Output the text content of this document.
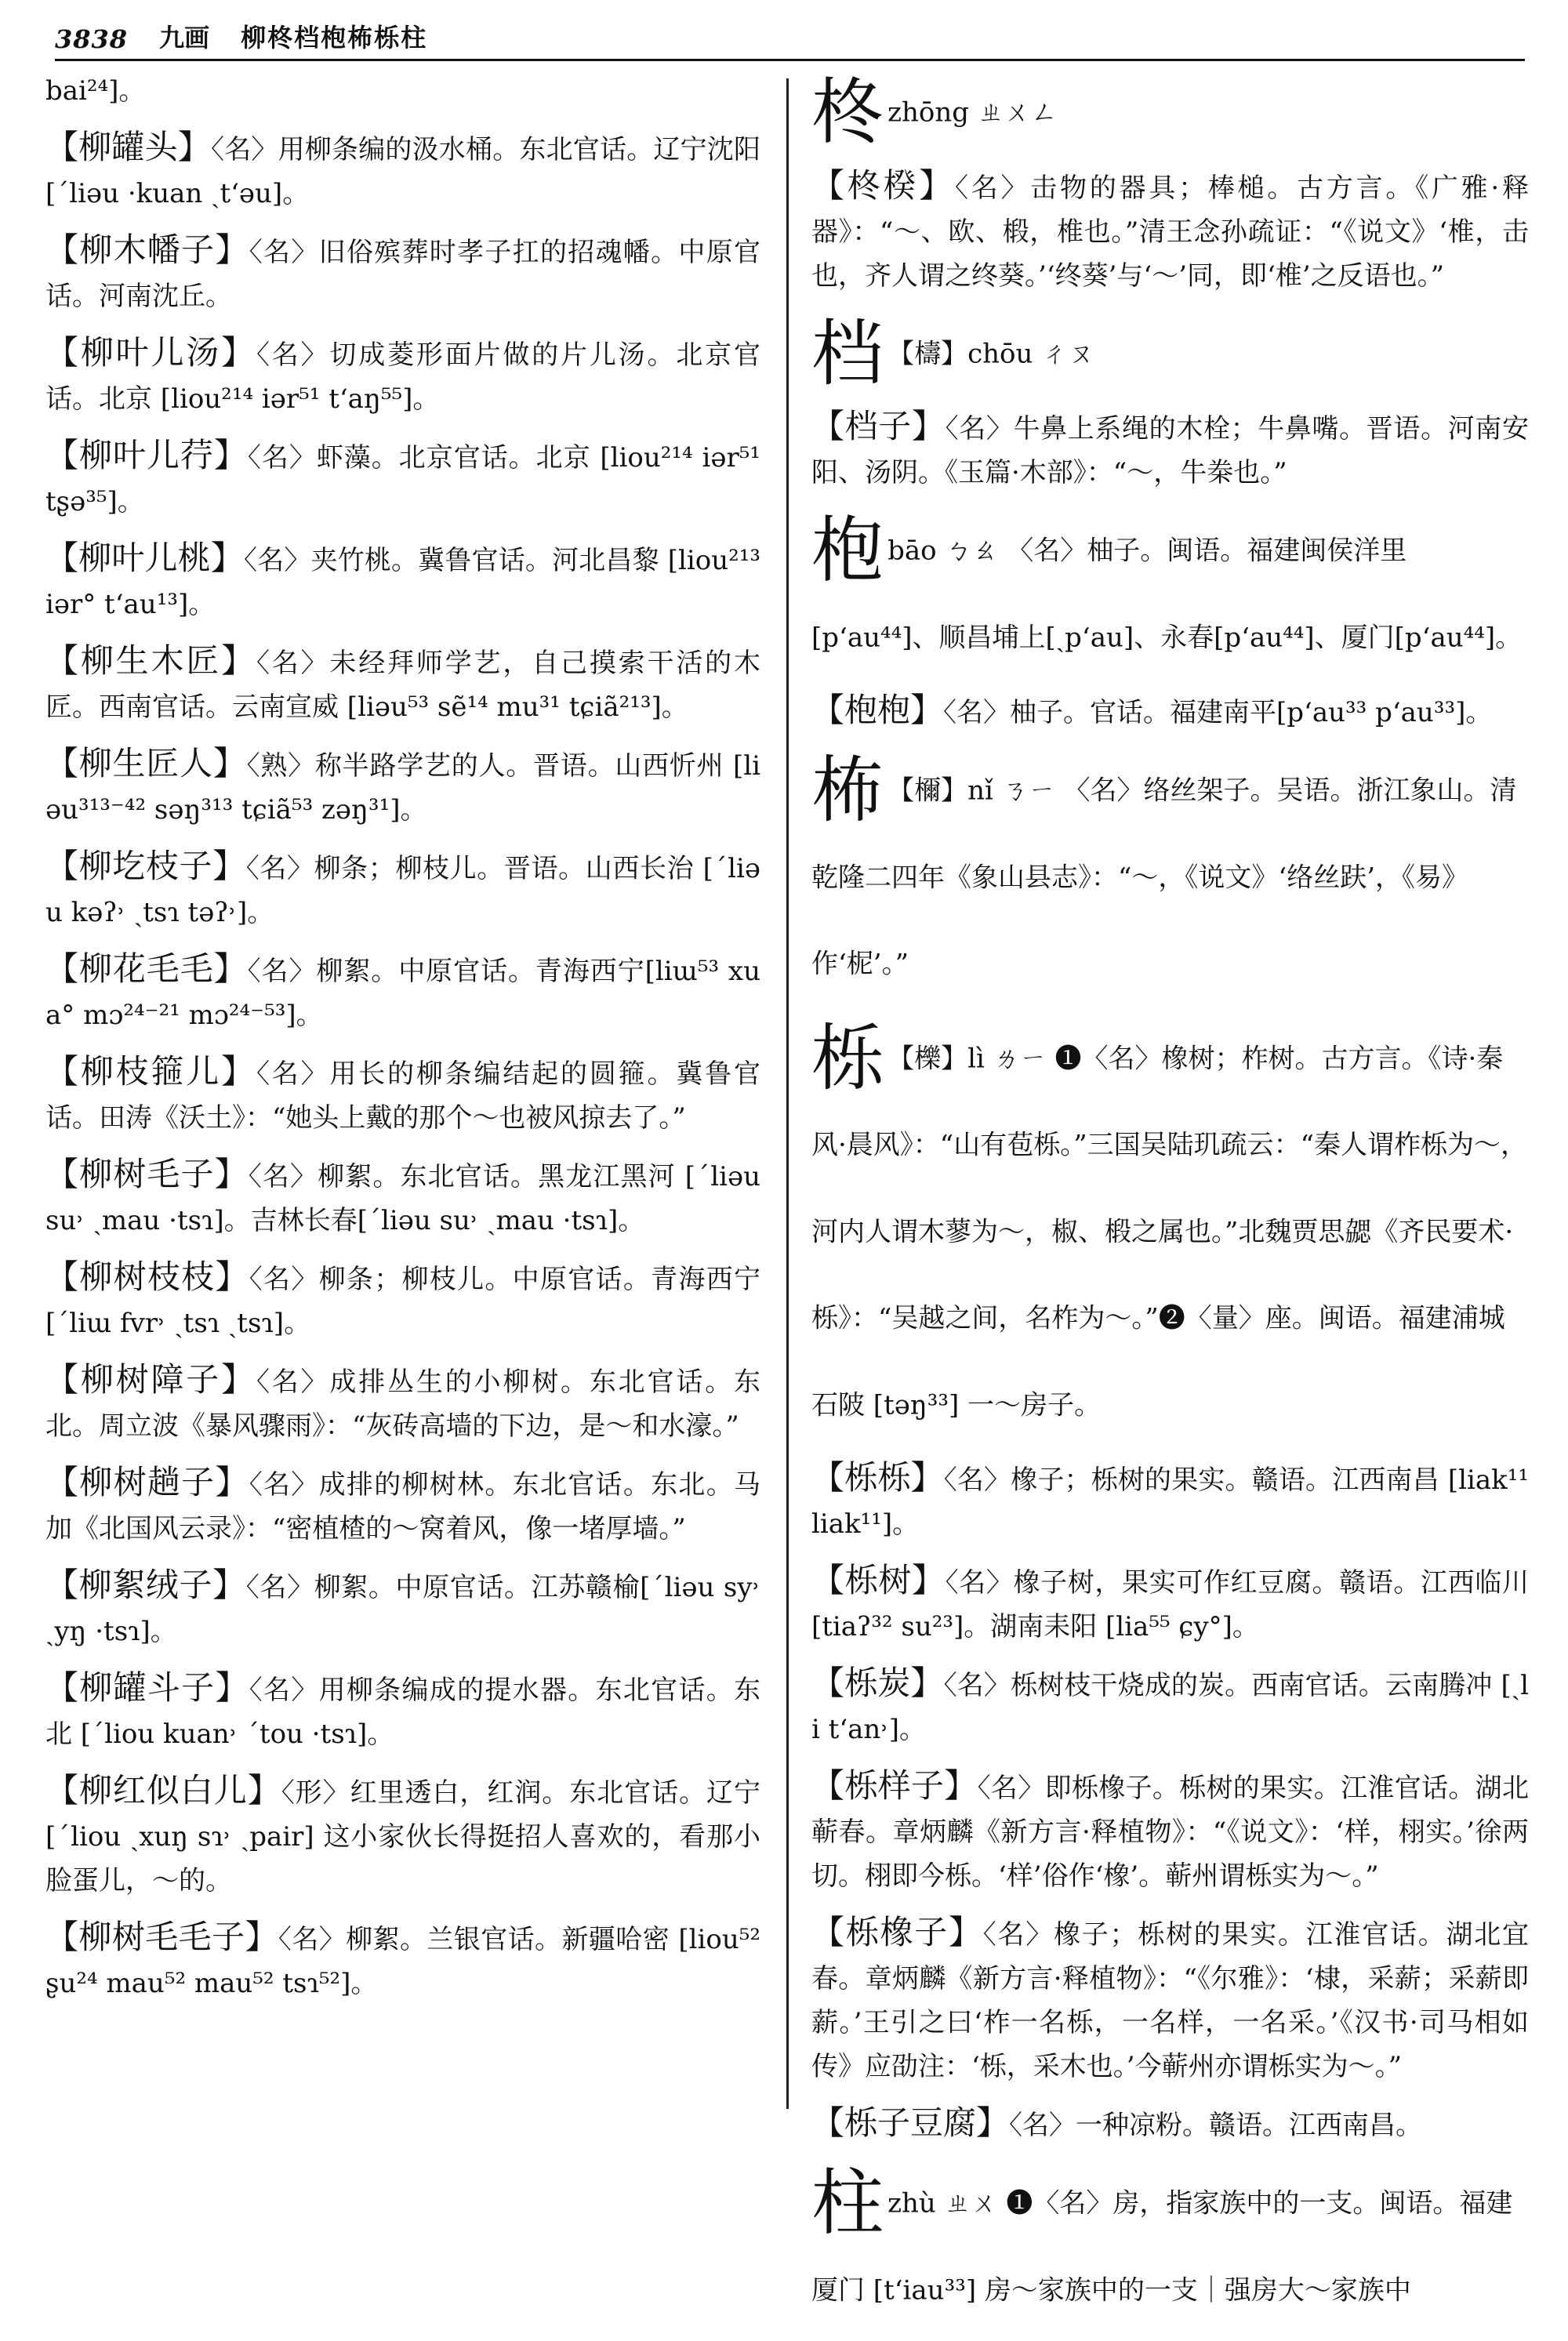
3838 九画 柳柊档枹柨栎柱
bai²⁴]。

【柳罐头】〈名〉用柳条编的汲水桶。东北官话。辽宁沈阳[ˊliəu ·kuan ˏtʻəu]。

【柳木幡子】〈名〉旧俗殡葬时孝子扛的招魂幡。中原官话。河南沈丘。

【柳叶儿汤】〈名〉切成菱形面片做的片儿汤。北京官话。北京 [liou²¹⁴ iər⁵¹ tʻaŋ⁵⁵]。

【柳叶儿荇】〈名〉虾藻。北京官话。北京 [liou²¹⁴ iər⁵¹ tʂə³⁵]。

【柳叶儿桃】〈名〉夹竹桃。冀鲁官话。河北昌黎 [liou²¹³ iər° tʻau¹³]。

【柳生木匠】〈名〉未经拜师学艺，自己摸索干活的木匠。西南官话。云南宣威 [liəu⁵³ sẽ¹⁴ mu³¹ tɕiã²¹³]。

【柳生匠人】〈熟〉称半路学艺的人。晋语。山西忻州 [liəu³¹³⁻⁴² səŋ³¹³ tɕiã⁵³ zəŋ³¹]。

【柳圪枝子】〈名〉柳条；柳枝儿。晋语。山西长治 [ˊliəu kəʔ˒ ˏtsɿ təʔ˒]。

【柳花毛毛】〈名〉柳絮。中原官话。青海西宁[liɯ⁵³ xua° mɔ²⁴⁻²¹ mɔ²⁴⁻⁵³]。

【柳枝箍儿】〈名〉用长的柳条编结起的圆箍。冀鲁官话。田涛《沃土》：“她头上戴的那个～也被风掠去了。”

【柳树毛子】〈名〉柳絮。东北官话。黑龙江黑河 [ˊliəu su˒ ˏmau ·tsɿ]。吉林长春[ˊliəu su˒ ˏmau ·tsɿ]。

【柳树枝枝】〈名〉柳条；柳枝儿。中原官话。青海西宁 [ˊliɯ fvr˒ ˏtsɿ ˏtsɿ]。

【柳树障子】〈名〉成排丛生的小柳树。东北官话。东北。周立波《暴风骤雨》：“灰砖高墙的下边，是～和水濠。”

【柳树趟子】〈名〉成排的柳树林。东北官话。东北。马加《北国风云录》：“密植楂的～窝着风，像一堵厚墙。”

【柳絮绒子】〈名〉柳絮。中原官话。江苏赣榆[ˊliəu sy˒ ˏyŋ ·tsɿ]。

【柳罐斗子】〈名〉用柳条编成的提水器。东北官话。东北 [ˊliou kuan˒ ˊtou ·tsɿ]。

【柳红似白儿】〈形〉红里透白，红润。东北官话。辽宁 [ˊliou ˏxuŋ sɿ˒ ˏpair] 这小家伙长得挺招人喜欢的，看那小脸蛋儿，～的。

【柳树毛毛子】〈名〉柳絮。兰银官话。新疆哈密 [liou⁵² ʂu²⁴ mau⁵² mau⁵² tsɿ⁵²]。

柊 zhōng ㄓㄨㄥ

【柊楑】〈名〉击物的器具；棒槌。古方言。《广雅·释器》：“～、欧、椴，椎也。”清王念孙疏证：“《说文》‘椎，击也，齐人谓之终葵。’‘终葵’与‘～’同，即‘椎’之反语也。”

档 【檮】chōu ㄔㄡ

【档子】〈名〉牛鼻上系绳的木栓；牛鼻嘴。晋语。河南安阳、汤阴。《玉篇·木部》：“～，牛桊也。”

枹 bāo ㄅㄠ 〈名〉柚子。闽语。福建闽侯洋里[pʻau⁴⁴]、顺昌埔上[ˏpʻau]、永春[pʻau⁴⁴]、厦门[pʻau⁴⁴]。

【枹枹】〈名〉柚子。官话。福建南平[pʻau³³ pʻau³³]。

柨 【檷】nǐ ㄋㄧ 〈名〉络丝架子。吴语。浙江象山。清乾隆二四年《象山县志》：“～，《说文》‘络丝趺’，《易》作‘柅’。”
栎 【櫟】lì ㄌㄧ ❶〈名〉橡树；柞树。古方言。《诗·秦风·晨风》：“山有苞栎。”三国吴陆玑疏云：“秦人谓柞栎为～，河内人谓木蓼为～，椒、椴之属也。”北魏贾思勰《齐民要术·栎》：“吴越之间，名柞为～。”❷〈量〉座。闽语。福建浦城石陂 [təŋ³³] 一～房子。

【栎栎】〈名〉橡子；栎树的果实。赣语。江西南昌 [liak¹¹ liak¹¹]。

【栎树】〈名〉橡子树，果实可作红豆腐。赣语。江西临川 [tiaʔ³² su²³]。湖南耒阳 [lia⁵⁵ ɕy°]。

【栎炭】〈名〉栎树枝干烧成的炭。西南官话。云南腾冲 [ˏli tʻan˒]。

【栎样子】〈名〉即栎橡子。栎树的果实。江淮官话。湖北蕲春。章炳麟《新方言·释植物》：“《说文》：‘样，栩实。’徐两切。栩即今栎。‘样’俗作‘橡’。蕲州谓栎实为～。”

【栎橡子】〈名〉橡子；栎树的果实。江淮官话。湖北宜春。章炳麟《新方言·释植物》：“《尔雅》：‘棣，采薪；采薪即薪。’王引之曰‘柞一名栎，一名样，一名采。’《汉书·司马相如传》应劭注：‘栎，采木也。’今蕲州亦谓栎实为～。”

【栎子豆腐】〈名〉一种凉粉。赣语。江西南昌。

柱 zhù ㄓㄨ ❶〈名〉房，指家族中的一支。闽语。福建厦门 [tʻiau³³] 房～家族中的一支｜强房大～家族中
